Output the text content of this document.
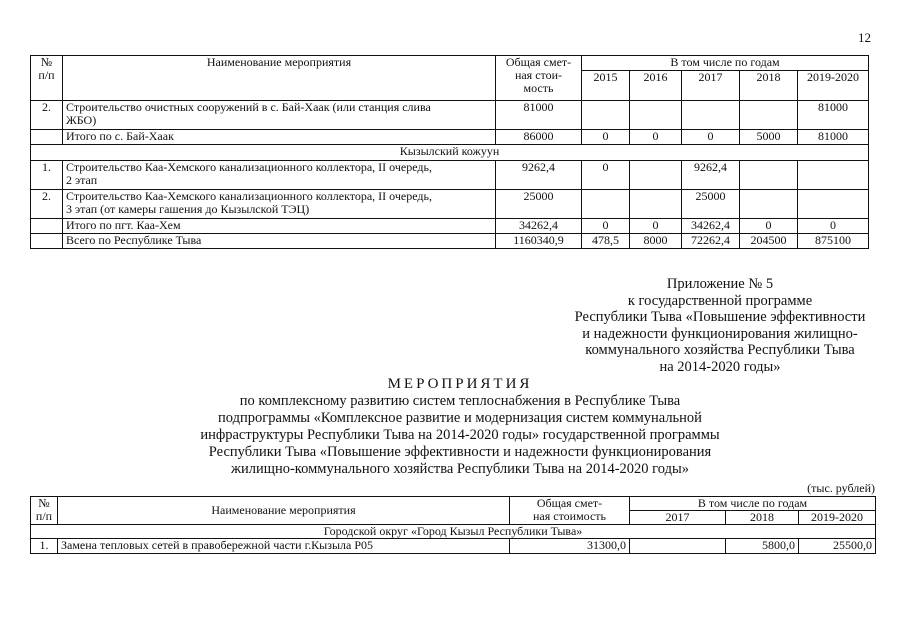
12
№
п/п	Наименование мероприятия	Общая смет-
ная стои-
мость	В том числе по годам				
			2015	2016	2017	2018	2019-2020
2.	Строительство очистных сооружений в с. Бай-Хаак (или станция слива
ЖБО)	81000					81000
	Итого по с. Бай-Хаак	86000	0	0	0	5000	81000
Кызылский кожуун							
1.	Строительство Каа-Хемского канализационного коллектора, II очередь,
2 этап	9262,4	0		9262,4		
2.	Строительство Каа-Хемского канализационного коллектора, II очередь,
3 этап (от камеры гашения до Кызылской ТЭЦ)	25000			25000		
	Итого по пгт. Каа-Хем	34262,4	0	0	34262,4	0	0
	Всего по Республике Тыва	1160340,9	478,5	8000	72262,4	204500	875100
Приложение № 5
к государственной программе
Республики Тыва «Повышение эффективности
и надежности функционирования жилищно-
коммунального хозяйства Республики Тыва
на 2014-2020 годы»
МЕРОПРИЯТИЯ
по комплексному развитию систем теплоснабжения в Республике Тыва
подпрограммы «Комплексное развитие и модернизация систем коммунальной
инфраструктуры Республики Тыва на 2014-2020 годы» государственной программы
Республики Тыва «Повышение эффективности и надежности функционирования
жилищно-коммунального хозяйства Республики Тыва на 2014-2020 годы»
(тыс. рублей)
№
п/п	Наименование мероприятия	Общая смет-
ная стоимость	В том числе по годам		
			2017	2018	2019-2020
Городской округ «Город Кызыл Республики Тыва»					
1.	Замена тепловых сетей в правобережной части г.Кызыла Р05	31300,0		5800,0	25500,0
